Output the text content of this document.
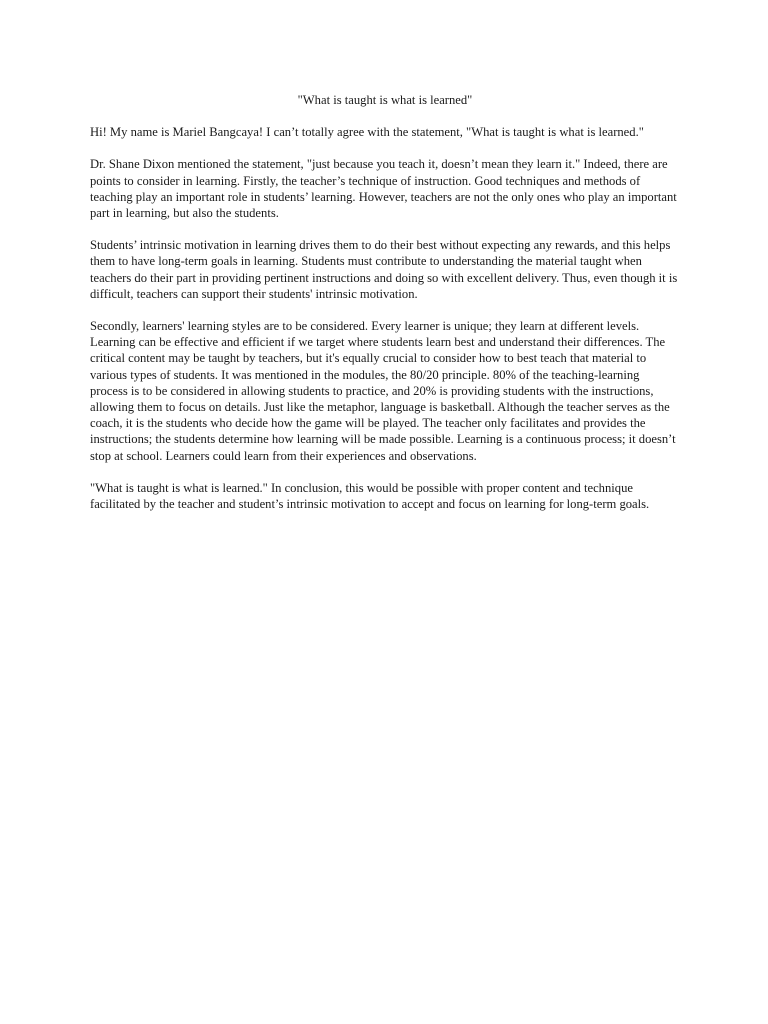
"What is taught is what is learned"

Hi! My name is Mariel Bangcaya! I can’t totally agree with the statement, "What is taught is what is learned."

Dr. Shane Dixon mentioned the statement, "just because you teach it, doesn’t mean they learn it." Indeed, there are points to consider in learning. Firstly, the teacher’s technique of instruction. Good techniques and methods of teaching play an important role in students’ learning. However, teachers are not the only ones who play an important part in learning, but also the students.

Students’ intrinsic motivation in learning drives them to do their best without expecting any rewards, and this helps them to have long-term goals in learning. Students must contribute to understanding the material taught when teachers do their part in providing pertinent instructions and doing so with excellent delivery. Thus, even though it is difficult, teachers can support their students' intrinsic motivation.

Secondly, learners' learning styles are to be considered. Every learner is unique; they learn at different levels. Learning can be effective and efficient if we target where students learn best and understand their differences. The critical content may be taught by teachers, but it's equally crucial to consider how to best teach that material to various types of students. It was mentioned in the modules, the 80/20 principle. 80% of the teaching-learning process is to be considered in allowing students to practice, and 20% is providing students with the instructions, allowing them to focus on details. Just like the metaphor, language is basketball. Although the teacher serves as the coach, it is the students who decide how the game will be played. The teacher only facilitates and provides the instructions; the students determine how learning will be made possible. Learning is a continuous process; it doesn’t stop at school. Learners could learn from their experiences and observations.

"What is taught is what is learned." In conclusion, this would be possible with proper content and technique facilitated by the teacher and student’s intrinsic motivation to accept and focus on learning for long-term goals.
